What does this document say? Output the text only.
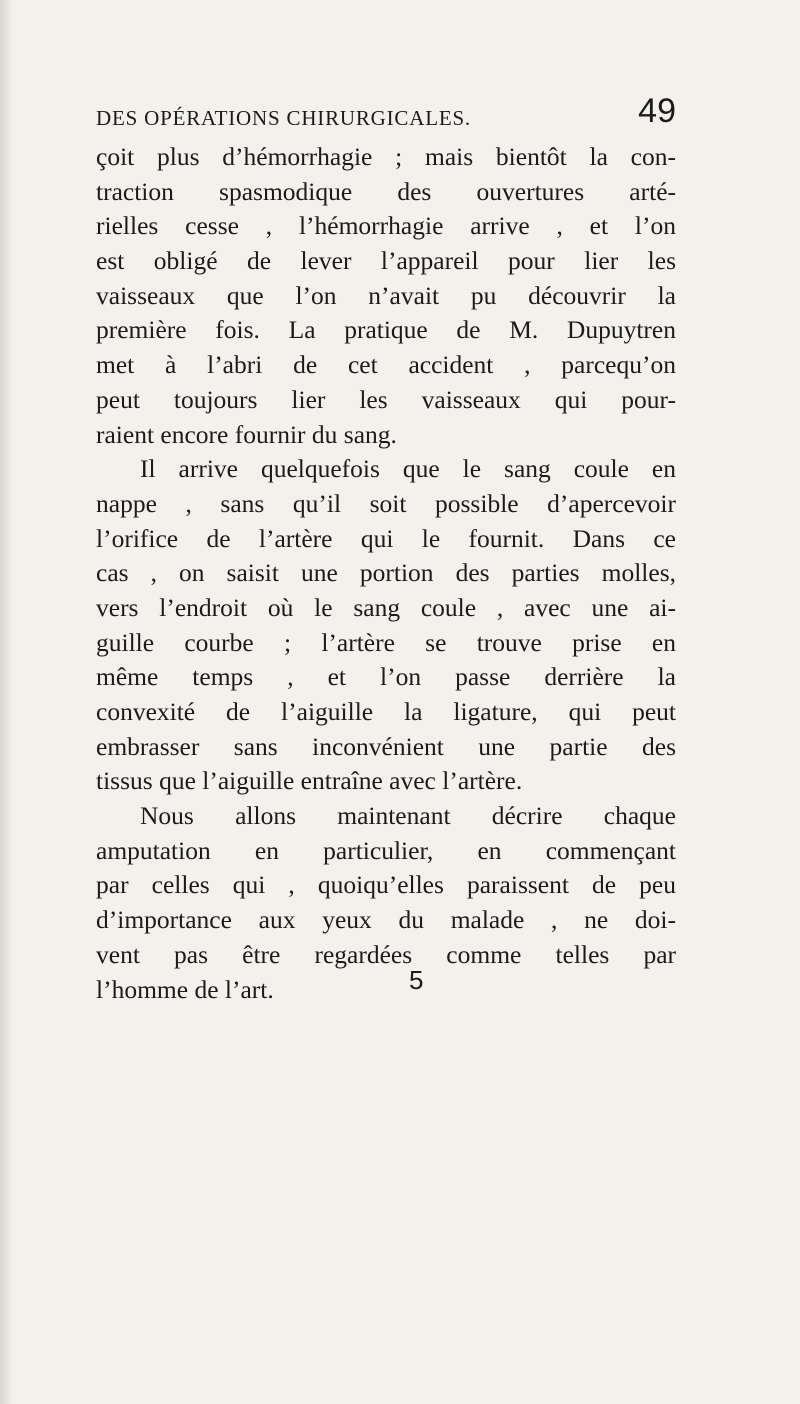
DES OPÉRATIONS CHIRURGICALES.	49
çoit plus d’hémorrhagie ; mais bientôt la con-
traction spasmodique des ouvertures arté-
rielles cesse , l’hémorrhagie arrive , et l’on
est obligé de lever l’appareil pour lier les
vaisseaux que l’on n’avait pu découvrir la
première fois. La pratique de M. Dupuytren
met à l’abri de cet accident , parcequ’on
peut toujours lier les vaisseaux qui pour-
raient encore fournir du sang.
Il arrive quelquefois que le sang coule en
nappe , sans qu’il soit possible d’apercevoir
l’orifice de l’artère qui le fournit. Dans ce
cas , on saisit une portion des parties molles,
vers l’endroit où le sang coule , avec une ai-
guille courbe ; l’artère se trouve prise en
même temps , et l’on passe derrière la
convexité de l’aiguille la ligature, qui peut
embrasser sans inconvénient une partie des
tissus que l’aiguille entraîne avec l’artère.
Nous allons maintenant décrire chaque
amputation en particulier, en commençant
par celles qui , quoiqu’elles paraissent de peu
d’importance aux yeux du malade , ne doi-
vent pas être regardées comme telles par
l’homme de l’art.	5
